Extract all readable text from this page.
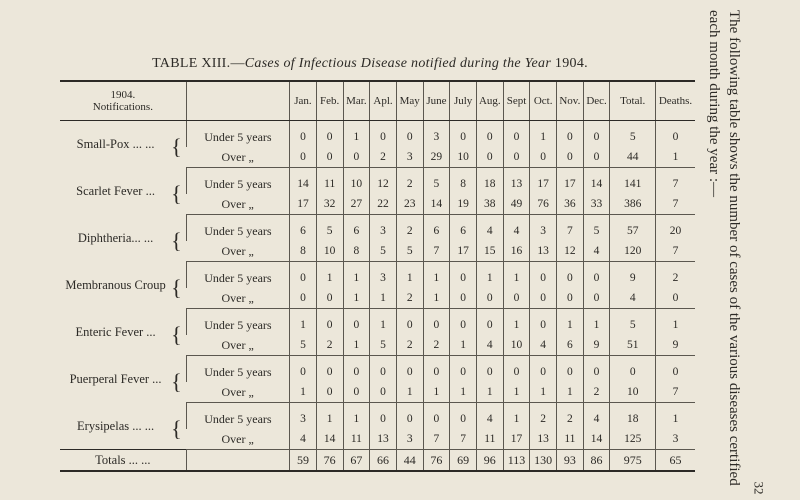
TABLE XIII.—Cases of Infectious Disease notified during the Year 1904.	The following table shows the number of cases of the various diseases certified each month during the year :—
32
1904.
Notifications.		Jan.	Feb.	Mar.	Apl.	May	June	July	Aug.	Sept	Oct.	Nov.	Dec.	Total.	Deaths.

{
Small-Pox ... ...	Under 5 years	0	0	1	0	0	3	0	0	0	1	0	0	5	0
	Over „	0	0	0	2	3	29	10	0	0	0	0	0	44	1

{
Scarlet Fever ...	Under 5 years	14	11	10	12	2	5	8	18	13	17	17	14	141	7
	Over „	17	32	27	22	23	14	19	38	49	76	36	33	386	7

{
Diphtheria... ...	Under 5 years	6	5	6	3	2	6	6	4	4	3	7	5	57	20
	Over „	8	10	8	5	5	7	17	15	16	13	12	4	120	7

{
Membranous Croup	Under 5 years	0	1	1	3	1	1	0	1	1	0	0	0	9	2
	Over „	0	0	1	1	2	1	0	0	0	0	0	0	4	0

{
Enteric Fever ...	Under 5 years	1	0	0	1	0	0	0	0	1	0	1	1	5	1
	Over „	5	2	1	5	2	2	1	4	10	4	6	9	51	9

{
Puerperal Fever ...	Under 5 years	0	0	0	0	0	0	0	0	0	0	0	0	0	0
	Over „	1	0	0	0	1	1	1	1	1	1	1	2	10	7

{
Erysipelas ... ...	Under 5 years	3	1	1	0	0	0	0	4	1	2	2	4	18	1
	Over „	4	14	11	13	3	7	7	11	17	13	11	14	125	3
Totals ... ...		59	76	67	66	44	76	69	96	113	130	93	86	975	65
